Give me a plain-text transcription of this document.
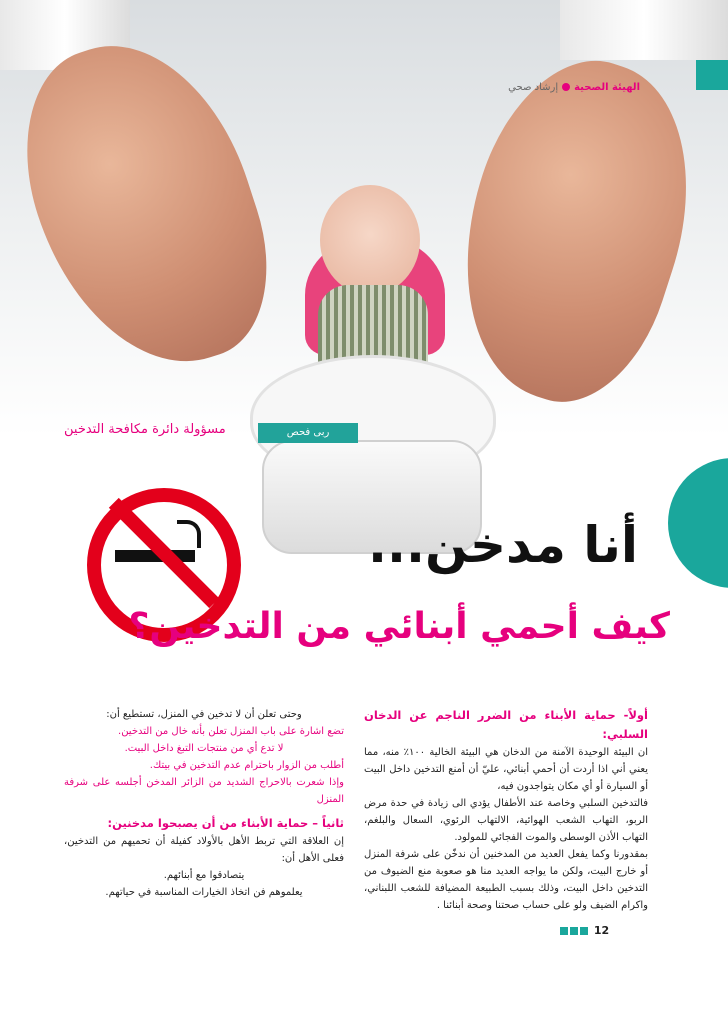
الهيئة الصحيةإرشاد صحي
ربى فحص
مسؤولة دائرة مكافحة التدخين
أنا مدخن...
كيف أحمي أبنائي من التدخين؟

أولاً- حماية الأبناء من الضرر الناجم عن الدخان السلبي:

ان البيئة الوحيدة الآمنة من الدخان هي البيئة الخالية ١٠٠٪ منه، مما يعني أني اذا أردت أن أحمي أبنائي، عليّ أن أمنع التدخين داخل البيت أو السيارة أو أي مكان يتواجدون فيه،

فالتدخين السلبي وخاصة عند الأطفال يؤدي الى زيادة في حدة مرض الربو، التهاب الشعب الهوائية، الالتهاب الرئوي، السعال والبلغم، التهاب الأذن الوسطى والموت الفجائي للمولود.

بمقدورنا وكما يفعل العديد من المدخنين أن ندخّن على شرفة المنزل أو خارج البيت، ولكن ما يواجه العديد منا هو صعوبة منع الضيوف من التدخين داخل البيت، وذلك بسبب الطبيعة المضيافة للشعب اللبناني، واكرام الضيف ولو على حساب صحتنا وصحة أبنائنا .

وحتى تعلن أن لا تدخين في المنزل، تستطيع أن:

تضع اشارة على باب المنزل تعلن بأنه خال من التدخين.

لا تدع أي من منتجات التبغ داخل البيت.

أطلب من الزوار باحترام عدم التدخين في بيتك.

وإذا شعرت بالاحراج الشديد من الزائر المدخن أجلسه على شرفة المنزل

ثانياً – حماية الأبناء من أن يصبحوا مدخنين:

إن العلاقة التي تربط الأهل بالأولاد كفيلة أن تحميهم من التدخين، فعلى الأهل أن:

يتصادقوا مع أبنائهم.

يعلموهم فن اتخاذ الخيارات المناسبة في حياتهم.

12
